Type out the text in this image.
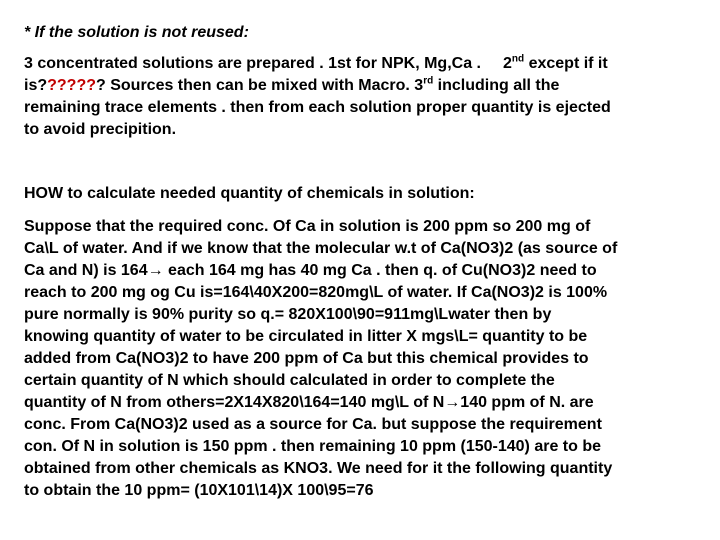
* If the solution is not reused:
3 concentrated solutions are prepared . 1st for NPK, Mg,Ca . 2nd except if it
is??????? Sources then can be mixed with Macro. 3rd including all the
remaining trace elements . then from each solution proper quantity is ejected
to avoid precipition.
HOW to calculate needed quantity of chemicals in solution:
Suppose that the required conc. Of Ca in solution is 200 ppm so 200 mg of
Ca\L of water. And if we know that the molecular w.t of Ca(NO3)2 (as source of
Ca and N) is 164→ each 164 mg has 40 mg Ca . then q. of Cu(NO3)2 need to
reach to 200 mg og Cu is=164\40X200=820mg\L of water. If Ca(NO3)2 is 100%
pure normally is 90% purity so q.= 820X100\90=911mg\Lwater then by
knowing quantity of water to be circulated in litter X mgs\L= quantity to be
added from Ca(NO3)2 to have 200 ppm of Ca but this chemical provides to
certain quantity of N which should calculated in order to complete the
quantity of N from others=2X14X820\164=140 mg\L of N→140 ppm of N. are
conc. From Ca(NO3)2 used as a source for Ca. but suppose the requirement
con. Of N in solution is 150 ppm . then remaining 10 ppm (150-140) are to be
obtained from other chemicals as KNO3. We need for it the following quantity
to obtain the 10 ppm= (10X101\14)X 100\95=76
